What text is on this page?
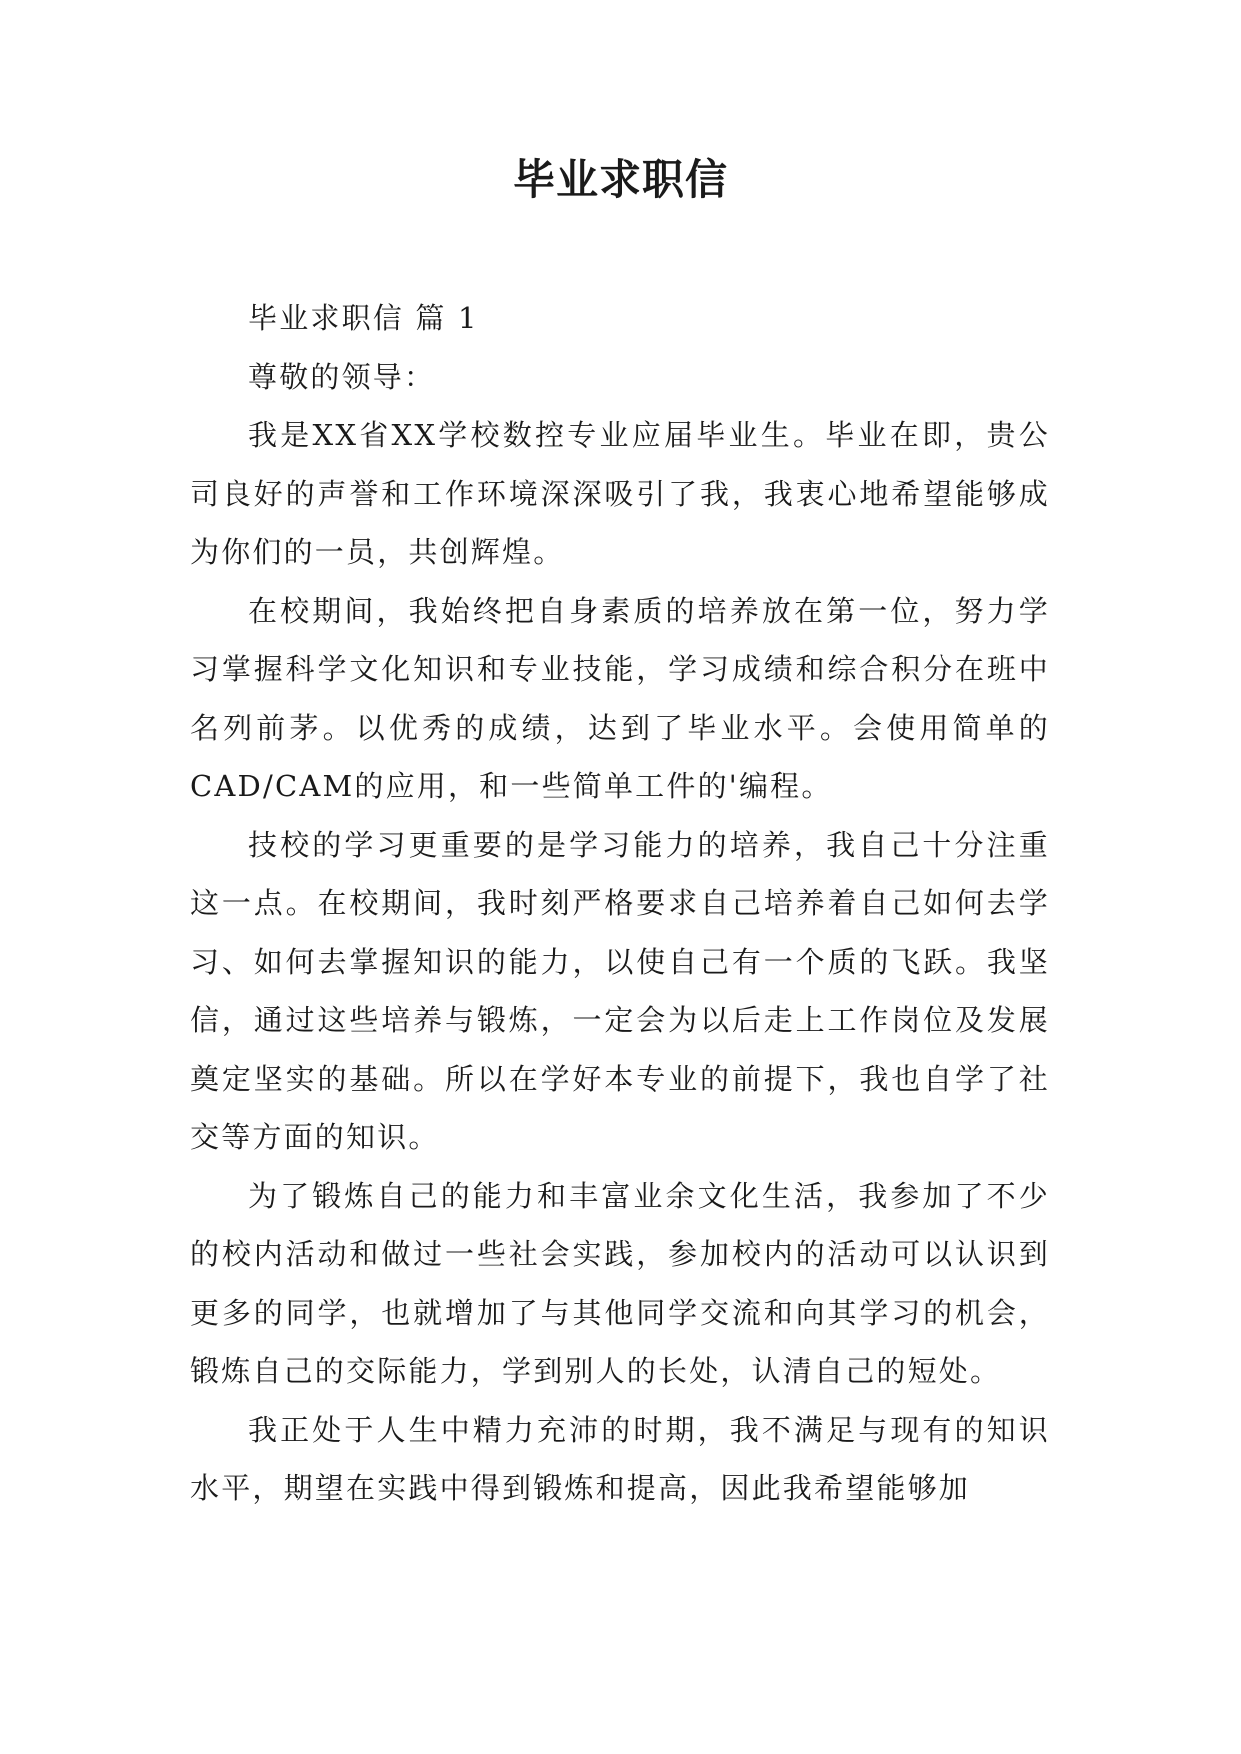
毕业求职信

毕业求职信 篇 1

尊敬的领导：

我是XX省XX学校数控专业应届毕业生。毕业在即，贵公司良好的声誉和工作环境深深吸引了我，我衷心地希望能够成为你们的一员，共创辉煌。

在校期间，我始终把自身素质的培养放在第一位，努力学习掌握科学文化知识和专业技能，学习成绩和综合积分在班中名列前茅。以优秀的成绩，达到了毕业水平。会使用简单的CAD/CAM的应用，和一些简单工件的'编程。

技校的学习更重要的是学习能力的培养，我自己十分注重这一点。在校期间，我时刻严格要求自己培养着自己如何去学习、如何去掌握知识的能力，以使自己有一个质的飞跃。我坚信，通过这些培养与锻炼，一定会为以后走上工作岗位及发展奠定坚实的基础。所以在学好本专业的前提下，我也自学了社交等方面的知识。

为了锻炼自己的能力和丰富业余文化生活，我参加了不少的校内活动和做过一些社会实践，参加校内的活动可以认识到更多的同学，也就增加了与其他同学交流和向其学习的机会，锻炼自己的交际能力，学到别人的长处，认清自己的短处。

我正处于人生中精力充沛的时期，我不满足与现有的知识水平，期望在实践中得到锻炼和提高，因此我希望能够加
